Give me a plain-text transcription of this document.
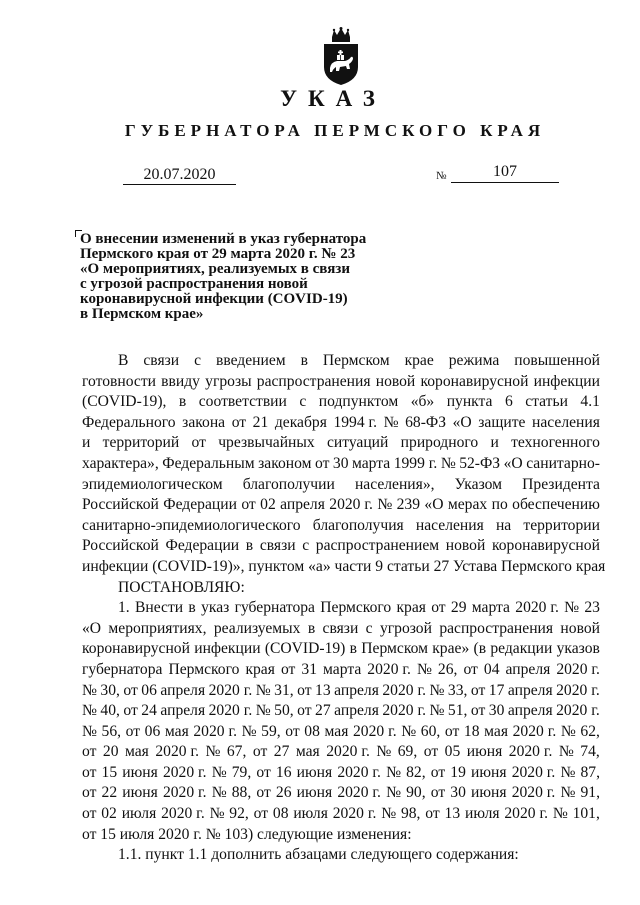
УКАЗ
ГУБЕРНАТОРА ПЕРМСКОГО КРАЯ
20.07.2020	№	107
О внесении изменений в указ губернатора
Пермского края от 29 марта 2020 г. № 23
«О мероприятиях, реализуемых в связи
с угрозой распространения новой
коронавирусной инфекции (COVID-19)
в Пермском крае»
В связи с введением в Пермском крае режима повышенной
готовности ввиду угрозы распространения новой коронавирусной инфекции
(COVID-19), в соответствии с подпунктом «б» пункта 6 статьи 4.1
Федерального закона от 21 декабря 1994 г. № 68-ФЗ «О защите населения
и территорий от чрезвычайных ситуаций природного и техногенного
характера», Федеральным законом от 30 марта 1999 г. № 52-ФЗ «О санитарно-
эпидемиологическом благополучии населения», Указом Президента
Российской Федерации от 02 апреля 2020 г. № 239 «О мерах по обеспечению
санитарно-эпидемиологического благополучия населения на территории
Российской Федерации в связи с распространением новой коронавирусной
инфекции (COVID-19)», пунктом «а» части 9 статьи 27 Устава Пермского края
ПОСТАНОВЛЯЮ:
1. Внести в указ губернатора Пермского края от 29 марта 2020 г. № 23
«О мероприятиях, реализуемых в связи с угрозой распространения новой
коронавирусной инфекции (COVID-19) в Пермском крае» (в редакции указов
губернатора Пермского края от 31 марта 2020 г. № 26, от 04 апреля 2020 г.
№ 30, от 06 апреля 2020 г. № 31, от 13 апреля 2020 г. № 33, от 17 апреля 2020 г.
№ 40, от 24 апреля 2020 г. № 50, от 27 апреля 2020 г. № 51, от 30 апреля 2020 г.
№ 56, от 06 мая 2020 г. № 59, от 08 мая 2020 г. № 60, от 18 мая 2020 г. № 62,
от 20 мая 2020 г. № 67, от 27 мая 2020 г. № 69, от 05 июня 2020 г. № 74,
от 15 июня 2020 г. № 79, от 16 июня 2020 г. № 82, от 19 июня 2020 г. № 87,
от 22 июня 2020 г. № 88, от 26 июня 2020 г. № 90, от 30 июня 2020 г. № 91,
от 02 июля 2020 г. № 92, от 08 июля 2020 г. № 98, от 13 июля 2020 г. № 101,
от 15 июля 2020 г. № 103) следующие изменения:
1.1. пункт 1.1 дополнить абзацами следующего содержания:
